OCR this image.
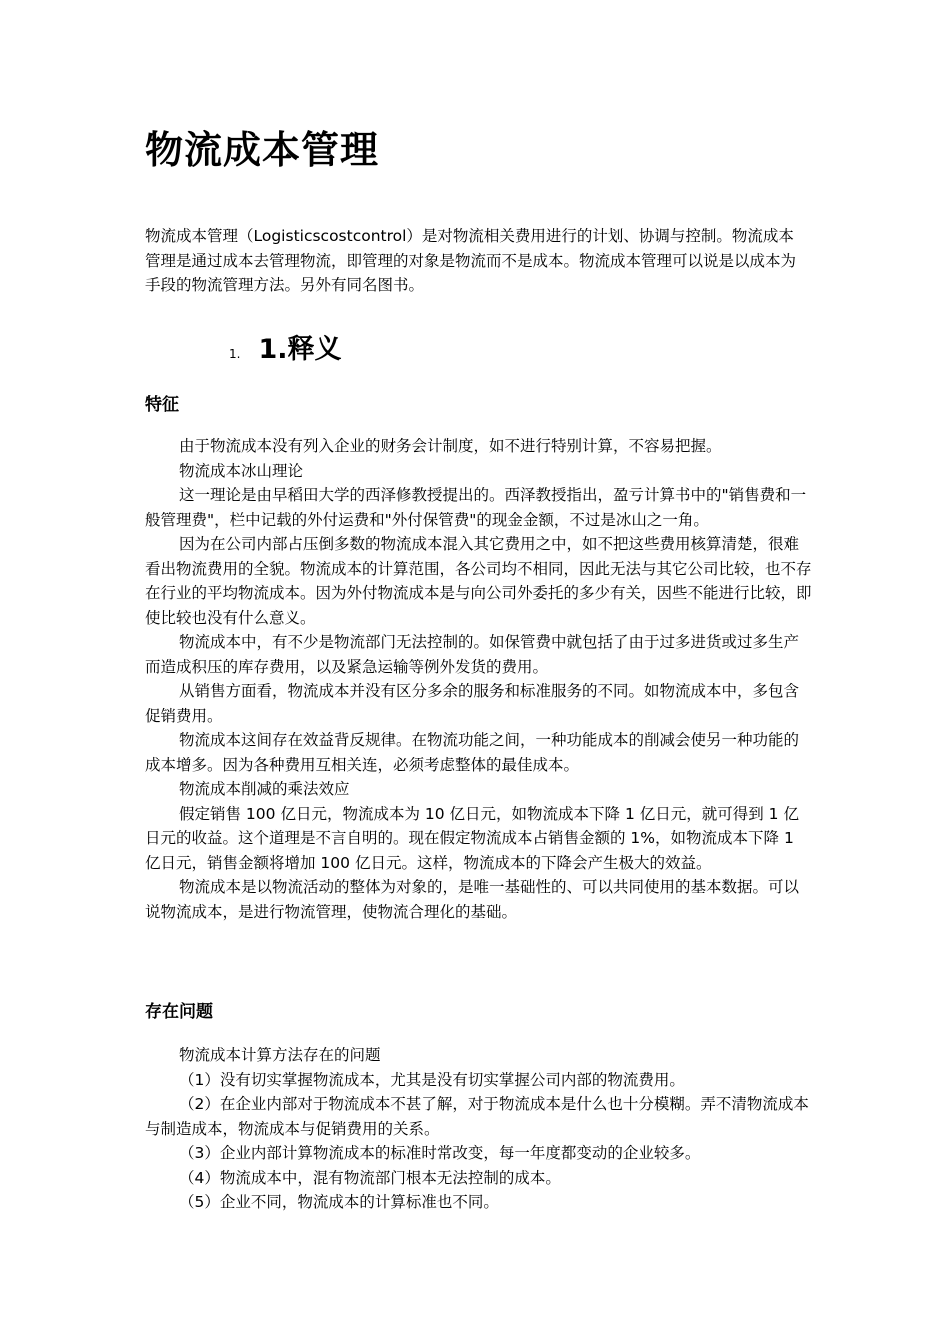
物流成本管理

物流成本管理（Logisticscostcontrol）是对物流相关费用进行的计划、协调与控制。物流成本管理是通过成本去管理物流，即管理的对象是物流而不是成本。物流成本管理可以说是以成本为手段的物流管理方法。另外有同名图书。

1. 1.释义
特征

由于物流成本没有列入企业的财务会计制度，如不进行特别计算，不容易把握。

物流成本冰山理论

这一理论是由早稻田大学的西泽修教授提出的。西泽教授指出，盈亏计算书中的"销售费和一般管理费"，栏中记载的外付运费和"外付保管费"的现金金额，不过是冰山之一角。

因为在公司内部占压倒多数的物流成本混入其它费用之中，如不把这些费用核算清楚，很难看出物流费用的全貌。物流成本的计算范围，各公司均不相同，因此无法与其它公司比较，也不存在行业的平均物流成本。因为外付物流成本是与向公司外委托的多少有关，因些不能进行比较，即使比较也没有什么意义。

物流成本中，有不少是物流部门无法控制的。如保管费中就包括了由于过多进货或过多生产而造成积压的库存费用，以及紧急运输等例外发货的费用。

从销售方面看，物流成本并没有区分多余的服务和标准服务的不同。如物流成本中，多包含促销费用。

物流成本这间存在效益背反规律。在物流功能之间，一种功能成本的削减会使另一种功能的成本增多。因为各种费用互相关连，必须考虑整体的最佳成本。

物流成本削减的乘法效应

假定销售 100 亿日元，物流成本为 10 亿日元，如物流成本下降 1 亿日元，就可得到 1 亿日元的收益。这个道理是不言自明的。现在假定物流成本占销售金额的 1%，如物流成本下降 1 亿日元，销售金额将增加 100 亿日元。这样，物流成本的下降会产生极大的效益。

物流成本是以物流活动的整体为对象的，是唯一基础性的、可以共同使用的基本数据。可以说物流成本，是进行物流管理，使物流合理化的基础。

存在问题

物流成本计算方法存在的问题

（1）没有切实掌握物流成本，尤其是没有切实掌握公司内部的物流费用。

（2）在企业内部对于物流成本不甚了解，对于物流成本是什么也十分模糊。弄不清物流成本与制造成本，物流成本与促销费用的关系。

（3）企业内部计算物流成本的标准时常改变，每一年度都变动的企业较多。

（4）物流成本中，混有物流部门根本无法控制的成本。

（5）企业不同，物流成本的计算标准也不同。
